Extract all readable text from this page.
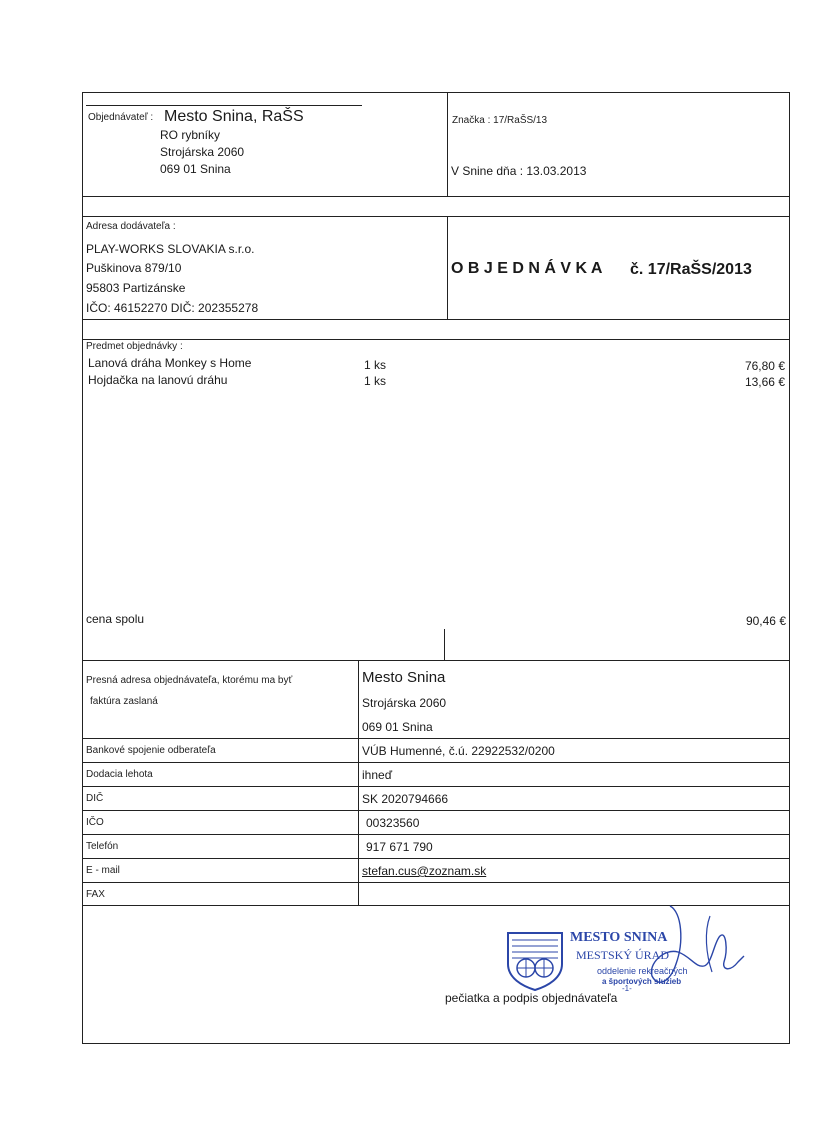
Objednávateľ : Mesto Snina, RaŠS
RO rybníky
Strojárska 2060
069 01 Snina
Značka : 17/RaŠS/13
V Snine dňa : 13.03.2013
Adresa dodávateľa :
PLAY-WORKS SLOVAKIA s.r.o.
Puškinova 879/10
95803 Partizánske
IČO: 46152270 DIČ: 202355278
O B J E D N Á V K A č. 17/RaŠS/2013
Predmet objednávky :
Lanová dráha Monkey s Home	1 ks	76,80 €
Hojdačka na lanovú dráhu	1 ks	13,66 €
cena spolu	90,46 €
Presná adresa objednávateľa, ktorému ma byť
faktúra zaslaná
Mesto Snina
Strojárska 2060
069 01 Snina
Bankové spojenie odberateľa	VÚB Humenné, č.ú. 22922532/0200
Dodacia lehota	ihneď
DIČ	SK 2020794666
IČO	00323560
Telefón	917 671 790
E - mail	stefan.cus@zoznam.sk
FAX
MESTO SNINA
MESTSKÝ ÚRAD
oddelenie rekreačných
a športových služieb
-1-
pečiatka a podpis objednávateľa
